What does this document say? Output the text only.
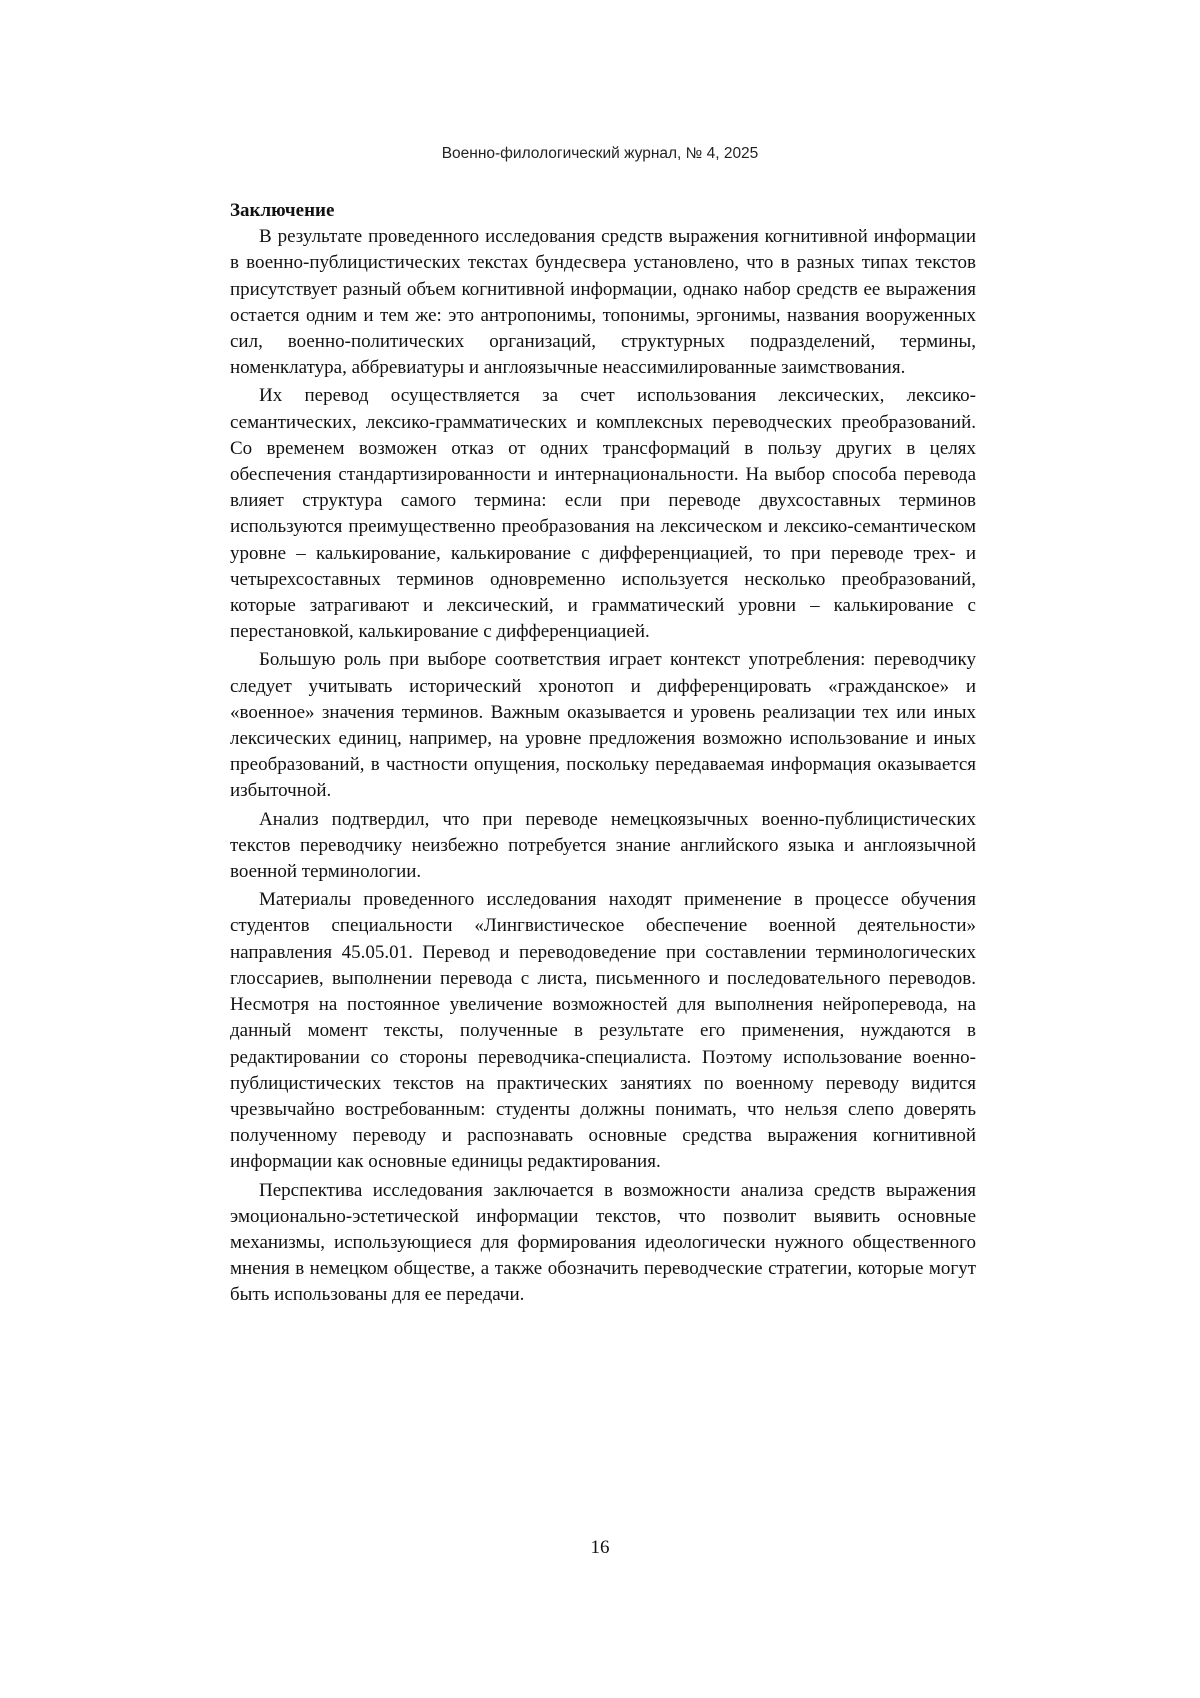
Военно-филологический журнал, № 4, 2025

Заключение

В результате проведенного исследования средств выражения когнитивной информации в военно-публицистических текстах бундесвера установлено, что в разных типах текстов присутствует разный объем когнитивной информации, однако набор средств ее выражения остается одним и тем же: это антропонимы, топонимы, эргонимы, названия вооруженных сил, военно-политических организаций, структурных подразделений, термины, номенклатура, аббревиатуры и англоязычные неассимилированные заимствования.

Их перевод осуществляется за счет использования лексических, лексико-семантических, лексико-грамматических и комплексных переводческих преобразований. Со временем возможен отказ от одних трансформаций в пользу других в целях обеспечения стандартизированности и интернациональности. На выбор способа перевода влияет структура самого термина: если при переводе двухсоставных терминов используются преимущественно преобразования на лексическом и лексико-семантическом уровне – калькирование, калькирование с дифференциацией, то при переводе трех- и четырехсоставных терминов одновременно используется несколько преобразований, которые затрагивают и лексический, и грамматический уровни – калькирование с перестановкой, калькирование с дифференциацией.

Большую роль при выборе соответствия играет контекст употребления: переводчику следует учитывать исторический хронотоп и дифференцировать «гражданское» и «военное» значения терминов. Важным оказывается и уровень реализации тех или иных лексических единиц, например, на уровне предложения возможно использование и иных преобразований, в частности опущения, поскольку передаваемая информация оказывается избыточной.

Анализ подтвердил, что при переводе немецкоязычных военно-публицистических текстов переводчику неизбежно потребуется знание английского языка и англоязычной военной терминологии.

Материалы проведенного исследования находят применение в процессе обучения студентов специальности «Лингвистическое обеспечение военной деятельности» направления 45.05.01. Перевод и переводоведение при составлении терминологических глоссариев, выполнении перевода с листа, письменного и последовательного переводов. Несмотря на постоянное увеличение возможностей для выполнения нейроперевода, на данный момент тексты, полученные в результате его применения, нуждаются в редактировании со стороны переводчика-специалиста. Поэтому использование военно-публицистических текстов на практических занятиях по военному переводу видится чрезвычайно востребованным: студенты должны понимать, что нельзя слепо доверять полученному переводу и распознавать основные средства выражения когнитивной информации как основные единицы редактирования.

Перспектива исследования заключается в возможности анализа средств выражения эмоционально-эстетической информации текстов, что позволит выявить основные механизмы, использующиеся для формирования идеологически нужного общественного мнения в немецком обществе, а также обозначить переводческие стратегии, которые могут быть использованы для ее передачи.

16
